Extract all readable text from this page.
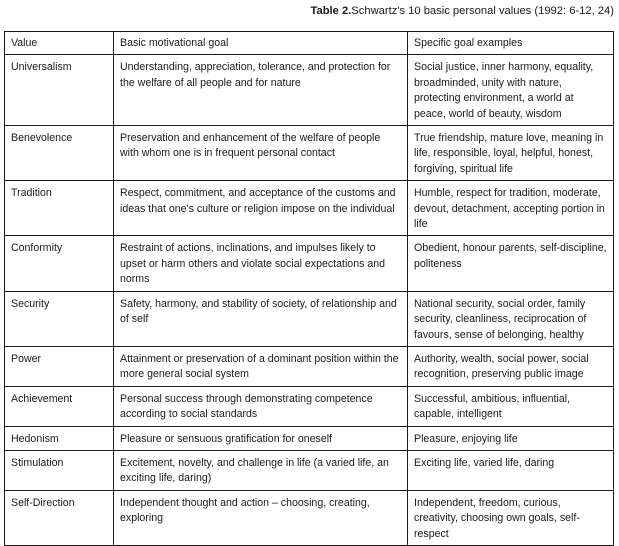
Table 2.Schwartz's 10 basic personal values (1992: 6-12, 24)
Value	Basic motivational goal	Specific goal examples
Universalism	Understanding, appreciation, tolerance, and protection for the welfare of all people and for nature	Social justice, inner harmony, equality, broadminded, unity with nature, protecting environment, a world at peace, world of beauty, wisdom
Benevolence	Preservation and enhancement of the welfare of people with whom one is in frequent personal contact	True friendship, mature love, meaning in life, responsible, loyal, helpful, honest, forgiving, spiritual life
Tradition	Respect, commitment, and acceptance of the customs and ideas that one's culture or religion impose on the individual	Humble, respect for tradition, moderate, devout, detachment, accepting portion in life
Conformity	Restraint of actions, inclinations, and impulses likely to upset or harm others and violate social expectations and norms	Obedient, honour parents, self-discipline, politeness
Security	Safety, harmony, and stability of society, of relationship and of self	National security, social order, family security, cleanliness, reciprocation of favours, sense of belonging, healthy
Power	Attainment or preservation of a dominant position within the more general social system	Authority, wealth, social power, social recognition, preserving public image
Achievement	Personal success through demonstrating competence according to social standards	Successful, ambitious, influential, capable, intelligent
Hedonism	Pleasure or sensuous gratification for oneself	Pleasure, enjoying life
Stimulation	Excitement, novelty, and challenge in life (a varied life, an exciting life, daring)	Exciting life, varied life, daring
Self-Direction	Independent thought and action – choosing, creating, exploring	Independent, freedom, curious, creativity, choosing own goals, self-respect
